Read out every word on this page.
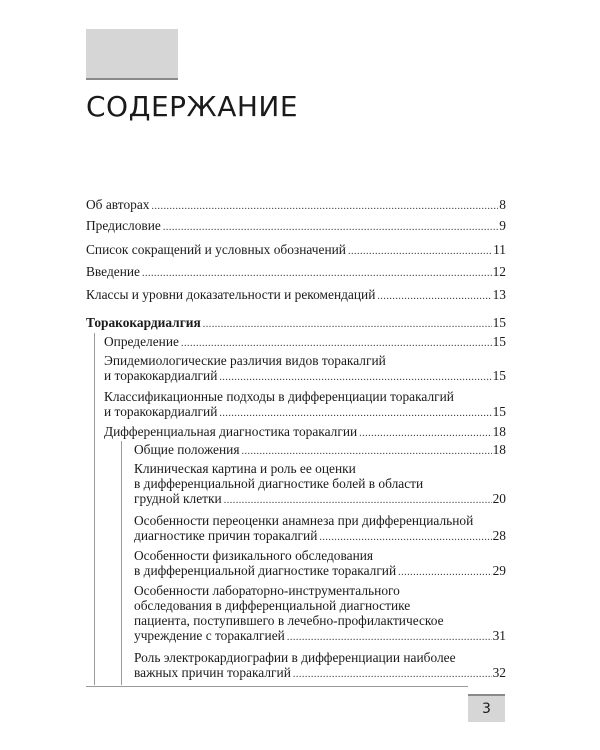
СОДЕРЖАНИЕ
Об авторах .....	8
Предисловие .....	9
Список сокращений и условных обозначений .....	11
Введение .....	12
Классы и уровни доказательности и рекомендаций .....	13
Торакокардиалгия .....	15
Определение .....	15
Эпидемиологические различия видов торакалгий
и торакокардиалгий .....	15
Классификационные подходы в дифференциации торакалгий
и торакокардиалгий .....	15
Дифференциальная диагностика торакалгии .....	18
Общие положения .....	18
Клиническая картина и роль ее оценки
в дифференциальной диагностике болей в области
грудной клетки .....	20
Особенности переоценки анамнеза при дифференциальной
диагностике причин торакалгий .....	28
Особенности физикального обследования
в дифференциальной диагностике торакалгий .....	29
Особенности лабораторно-инструментального
обследования в дифференциальной диагностике
пациента, поступившего в лечебно-профилактическое
учреждение с торакалгией .....	31
Роль электрокардиографии в дифференциации наиболее
важных причин торакалгий .....	32
3
